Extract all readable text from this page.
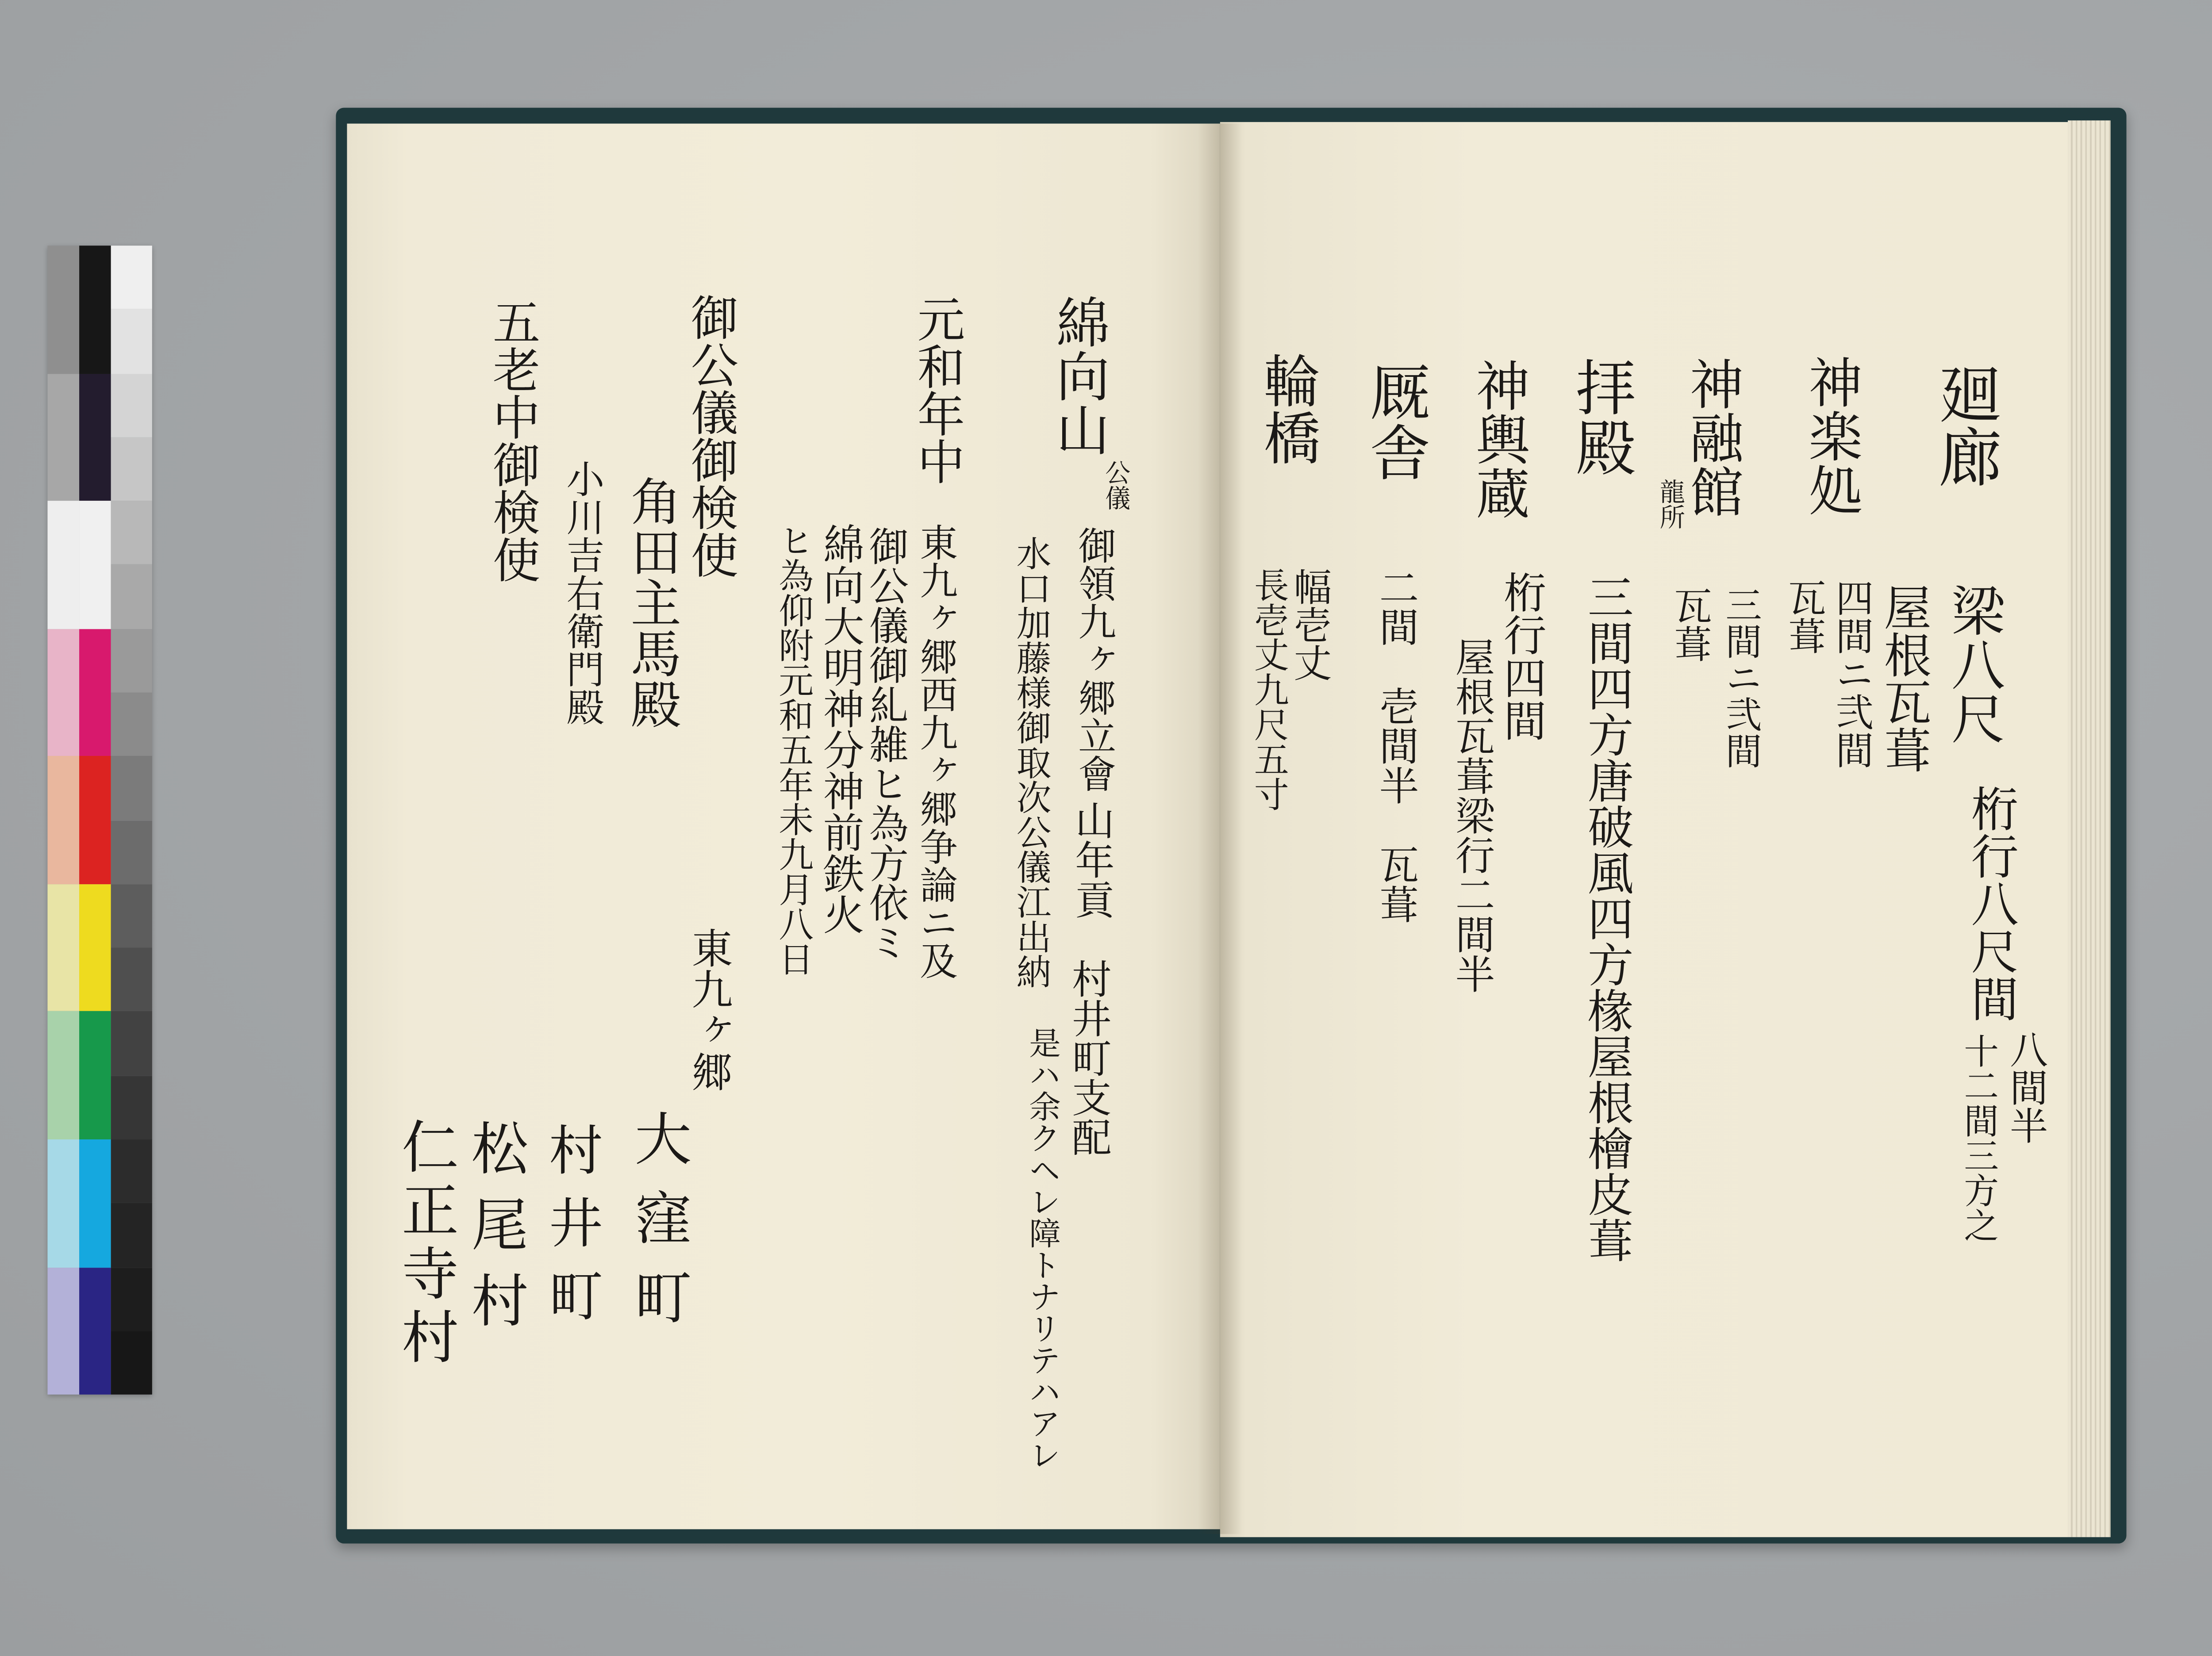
廻廊
梁八尺
桁行八尺間
八間半
十二間三方之
屋根瓦葺
神楽処
四間ニ弐間
瓦葺
神融館
龍所
三間ニ弐間
瓦葺
拝殿
三間四方唐破風四方椽屋根檜皮葺
神輿蔵
桁行四間
屋根瓦葺梁行二間半
厩舎
二間　壱間半　瓦葺
輪橋
幅壱丈
長壱丈九尺五寸
綿向山
公儀
御領九ヶ郷立會
山年貢
村井町支配
水口加藤様御取次公儀江出納
是ハ余クヘレ障トナリテハアレ
元和年中
東九ヶ郷西九ヶ郷争論ニ及
御公儀御糺雑ヒ為方依ミ
綿向大明神分神前鉄火
ヒ為仰附元和五年未九月八日
東九ヶ郷
大窪町
村井町
松尾村
仁正寺村
御公儀御検使
角田主馬殿
小川吉右衛門殿
五老中御検使
